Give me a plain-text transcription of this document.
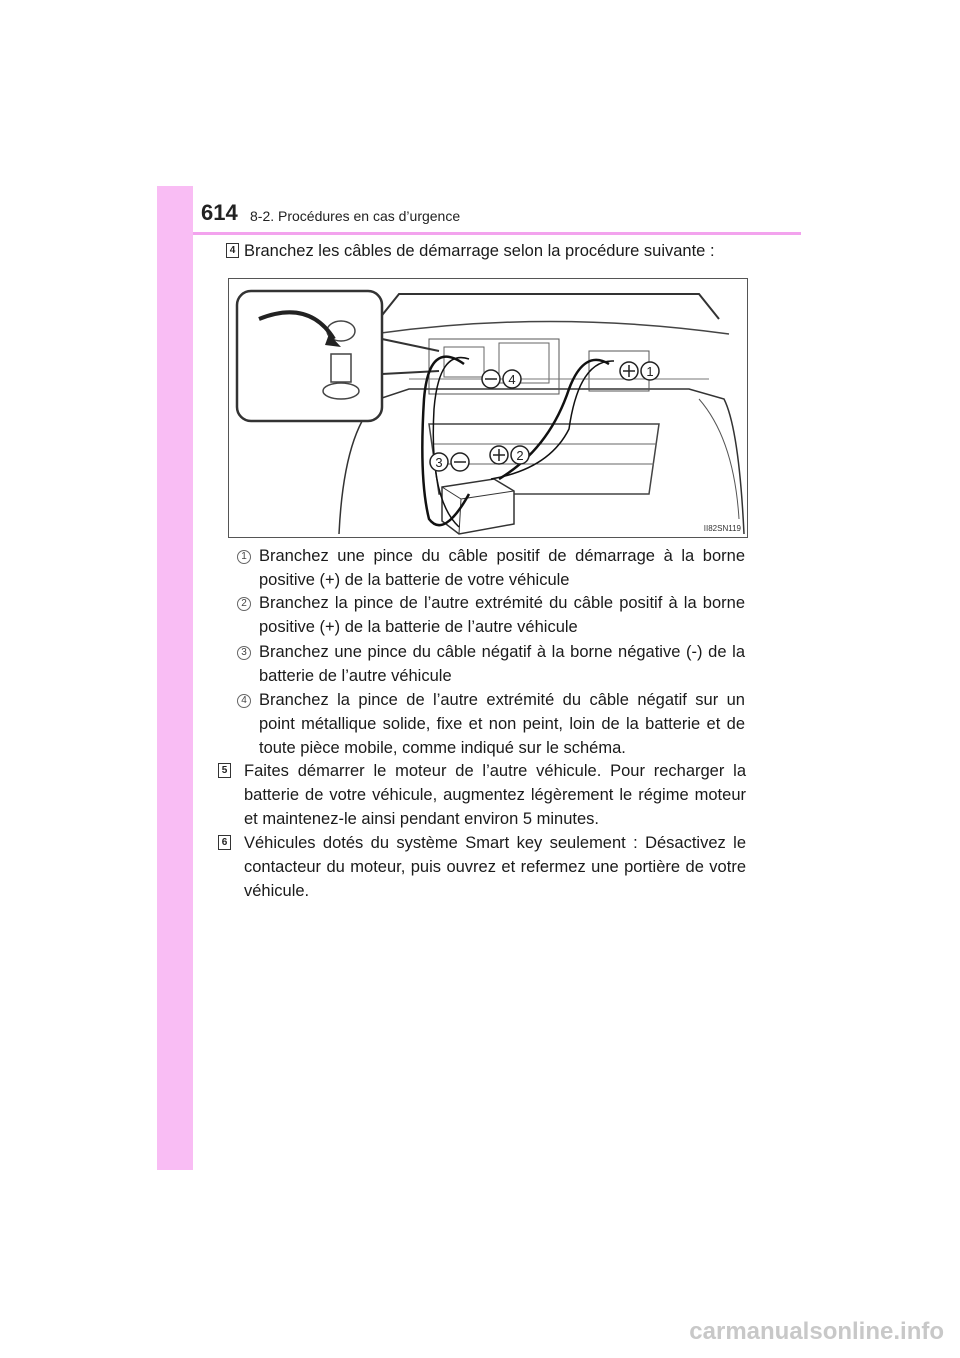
614 8-2. Procédures en cas d’urgence
4 Branchez les câbles de démarrage selon la procédure suivante :
4
1
3	2
II82SN119
1 Branchez une pince du câble positif de démarrage à la borne positive (+) de la batterie de votre véhicule
2 Branchez la pince de l’autre extrémité du câble positif à la borne positive (+) de la batterie de l’autre véhicule
3 Branchez une pince du câble négatif à la borne négative (-) de la batterie de l’autre véhicule
4 Branchez la pince de l’autre extrémité du câble négatif sur un point métallique solide, fixe et non peint, loin de la batterie et de toute pièce mobile, comme indiqué sur le schéma.
5 Faites démarrer le moteur de l’autre véhicule. Pour recharger la batterie de votre véhicule, augmentez légèrement le régime moteur et maintenez-le ainsi pendant environ 5 minutes.
6 Véhicules dotés du système Smart key seulement : Désactivez le contacteur du moteur, puis ouvrez et refermez une portière de votre véhicule.
carmanualsonline.info
